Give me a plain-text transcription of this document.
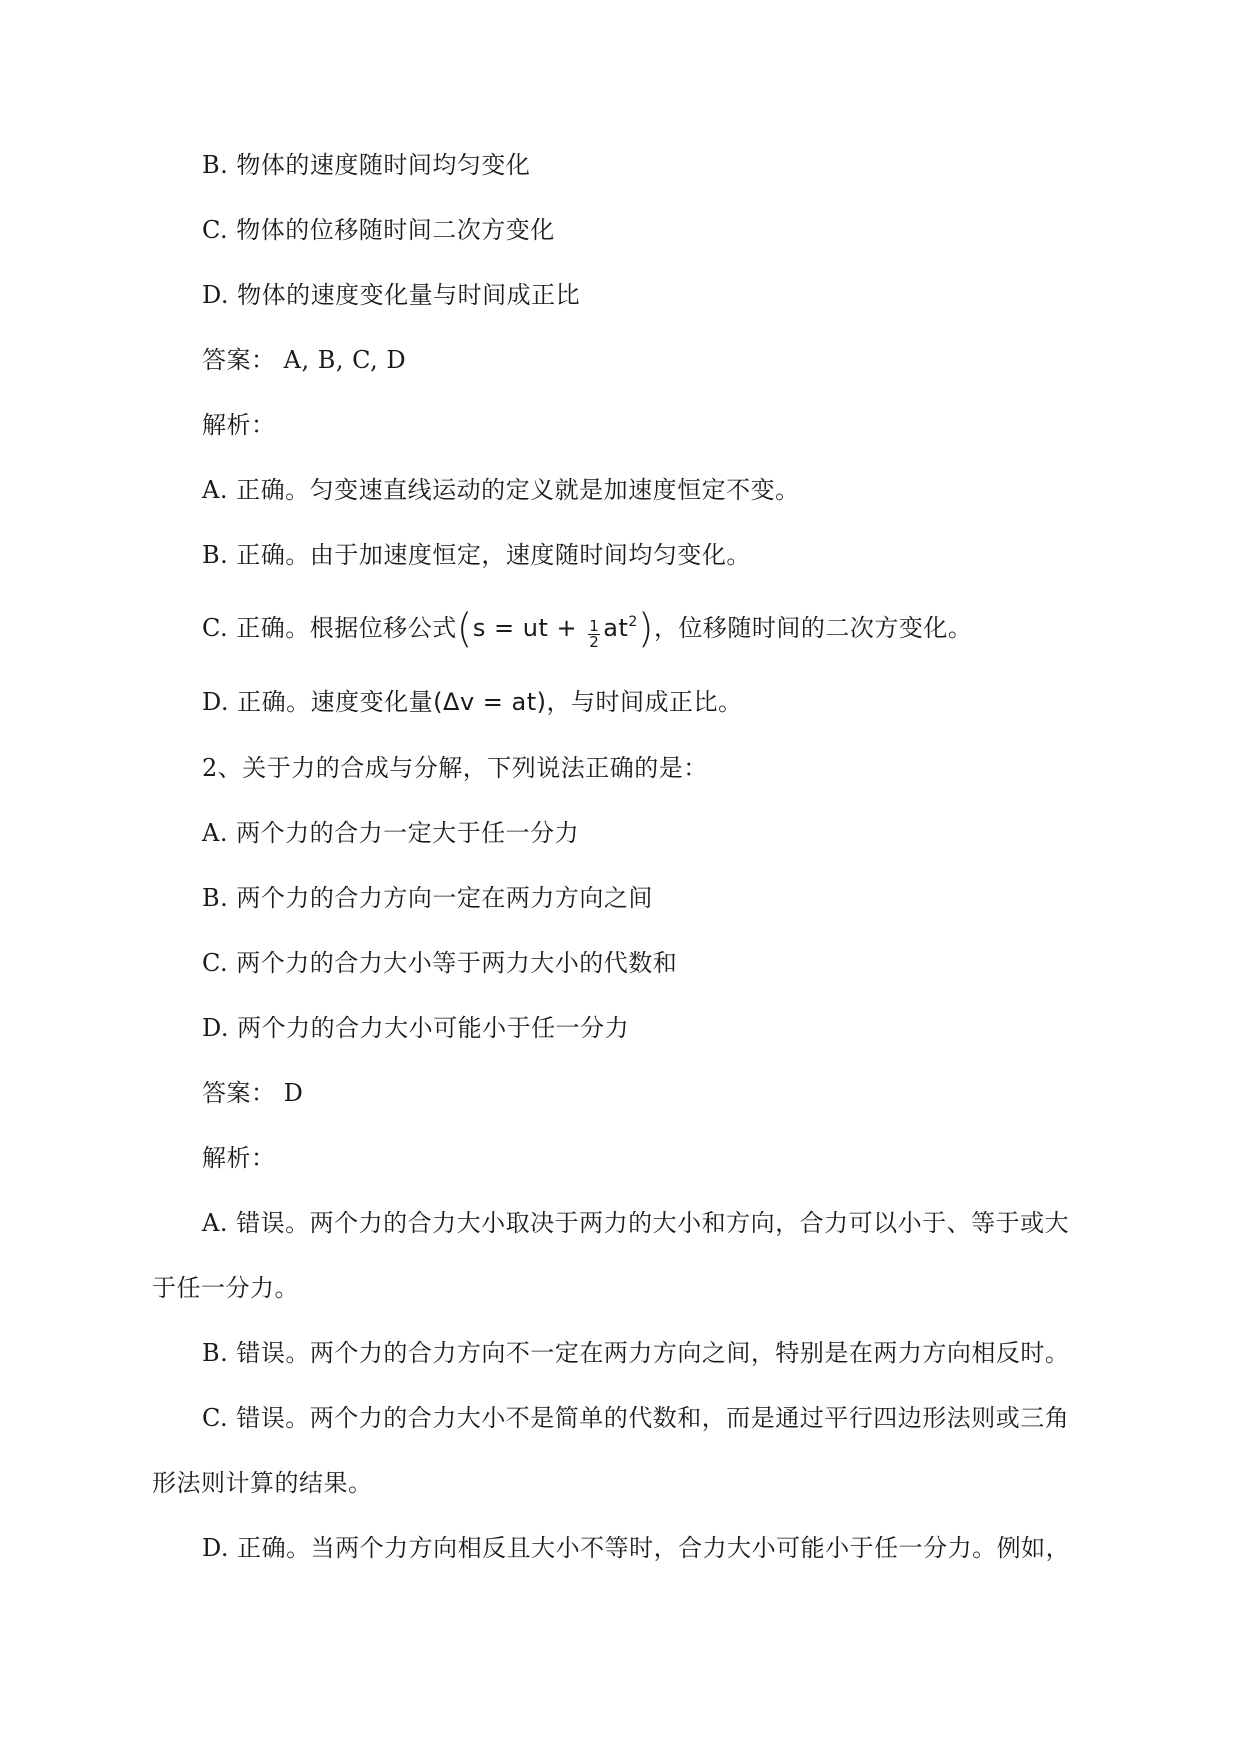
B. 物体的速度随时间均匀变化
C. 物体的位移随时间二次方变化
D. 物体的速度变化量与时间成正比
答案： A, B, C, D
解析：
A. 正确。匀变速直线运动的定义就是加速度恒定不变。
B. 正确。由于加速度恒定，速度随时间均匀变化。
C. 正确。根据位移公式(s = ut + $\frac{1}{2} at^2$)，位移随时间的二次方变化。
D. 正确。速度变化量(Δv = at)，与时间成正比。
2、关于力的合成与分解，下列说法正确的是：
A. 两个力的合力一定大于任一分力
B. 两个力的合力方向一定在两力方向之间
C. 两个力的合力大小等于两力大小的代数和
D. 两个力的合力大小可能小于任一分力
答案： D
解析：
A. 错误。两个力的合力大小取决于两力的大小和方向，合力可以小于、等于或大
于任一分力。
B. 错误。两个力的合力方向不一定在两力方向之间，特别是在两力方向相反时。
C. 错误。两个力的合力大小不是简单的代数和，而是通过平行四边形法则或三角
形法则计算的结果。
D. 正确。当两个力方向相反且大小不等时，合力大小可能小于任一分力。例如，
